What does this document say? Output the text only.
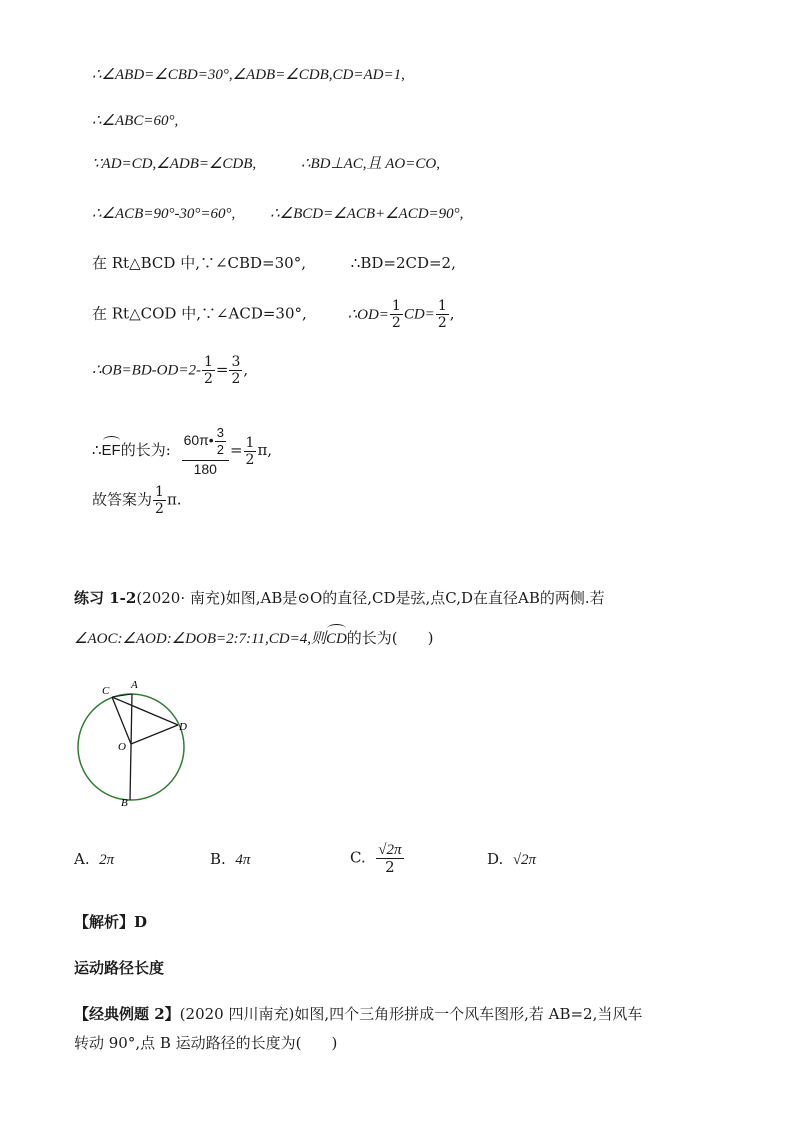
∴∠ABD=∠CBD=30°,∠ADB=∠CDB,CD=AD=1,
∴∠ABC=60°,
∵AD=CD,∠ADB=∠CDB,	∴BD⊥AC,且 AO=CO,
∴∠ACB=90°-30°=60°, ∴∠BCD=∠ACB+∠ACD=90°,
在 Rt△BCD 中,∵∠CBD=30°,	∴BD=2CD=2,
在 Rt△COD 中,∵∠ACD=30°,	∴OD= $\frac{1}{2} CD= \frac{1}{2}$ ,
∴OB=BD-OD=2- $\frac{1}{2} = \frac{3}{2}$ ,
∴EF的长为: $\frac{60\pi• \frac{3}{2}}{180} = \frac{1}{2} \pi$,
故答案为 $\frac{1}{2} \pi$.
练习 1-2(2020· 南充)如图,AB是⊙O的直径,CD是弦,点C,D在直径AB的两侧.若
∠AOC:∠AOD:∠DOB=2:7:11,CD=4,则CD的长为(　　)
C A
D
O
B
A. 2π	B. 4π	C. $\frac{√2\pi}{2}$	D. √2π
【解析】D
运动路径长度
【经典例题 2】(2020 四川南充)如图,四个三角形拼成一个风车图形,若 AB=2,当风车
转动 90°,点 B 运动路径的长度为(　　)
